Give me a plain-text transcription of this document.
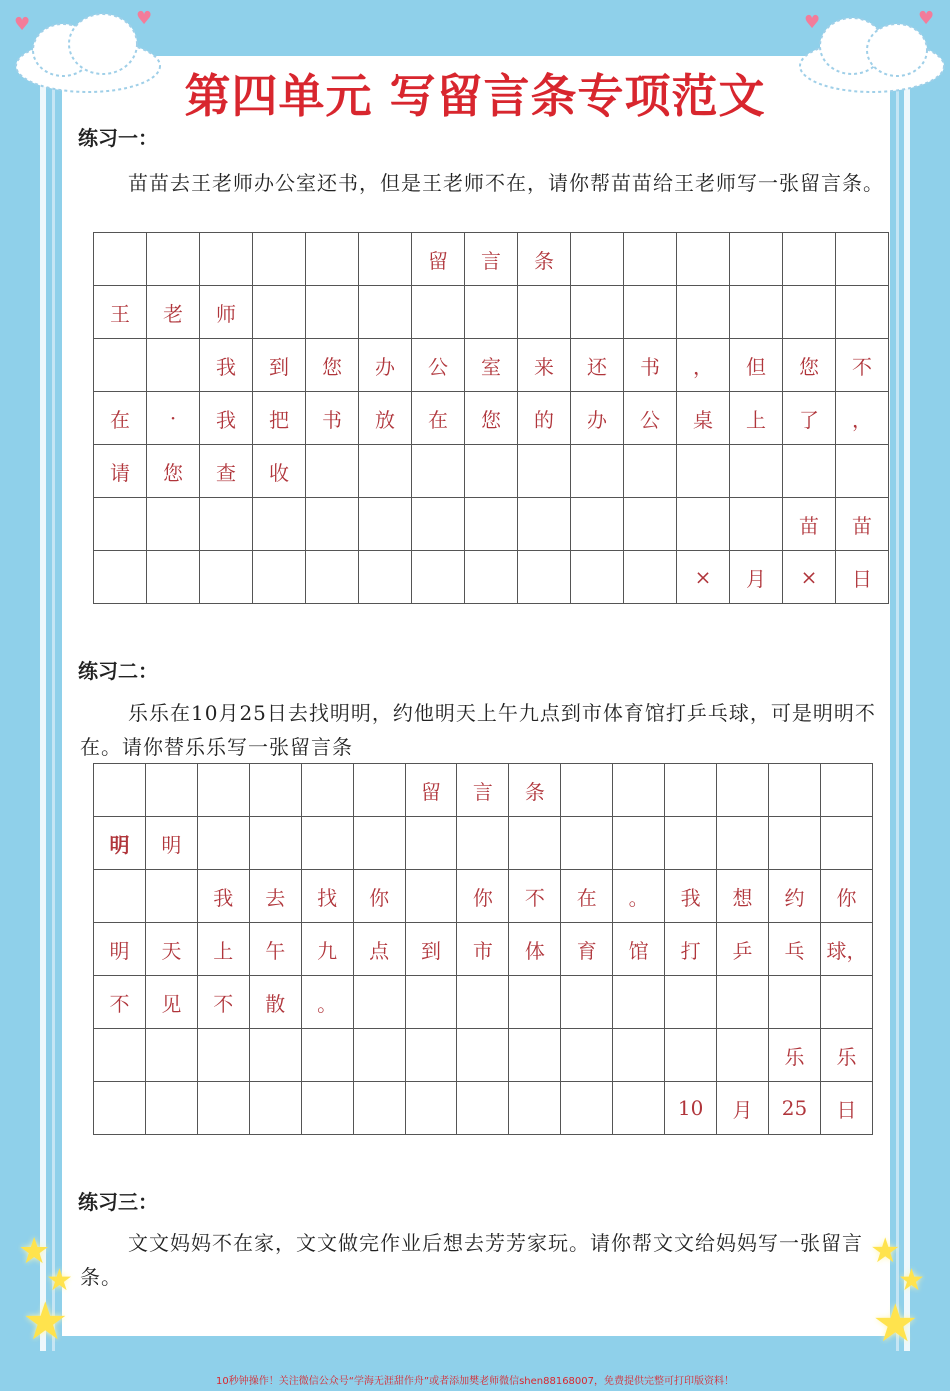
♥	♥	♥	♥
★
★
★
★
★
★
第四单元 写留言条专项范文
练习一：
苗苗去王老师办公室还书，但是王老师不在，请你帮苗苗给王老师写一张留言条。
						留	言	条						
王	老	师												
		我	到	您	办	公	室	来	还	书	，	但	您	不
在	·	我	把	书	放	在	您	的	办	公	桌	上	了	，
请	您	查	收											
													苗	苗
											×	月	×	日
练习二：
乐乐在10月25日去找明明，约他明天上午九点到市体育馆打乒乓球，可是明明不在。请你替乐乐写一张留言条
						留	言	条						
明	明													
		我	去	找	你		你	不	在	。	我	想	约	你
明	天	上	午	九	点	到	市	体	育	馆	打	乒	乓	球，
不	见	不	散	。										
													乐	乐
											10	月	25	日
练习三：
文文妈妈不在家，文文做完作业后想去芳芳家玩。请你帮文文给妈妈写一张留言条。
10秒钟操作！关注微信公众号“学海无涯甜作舟”或者添加樊老师微信shen88168007，免费提供完整可打印版资料！
